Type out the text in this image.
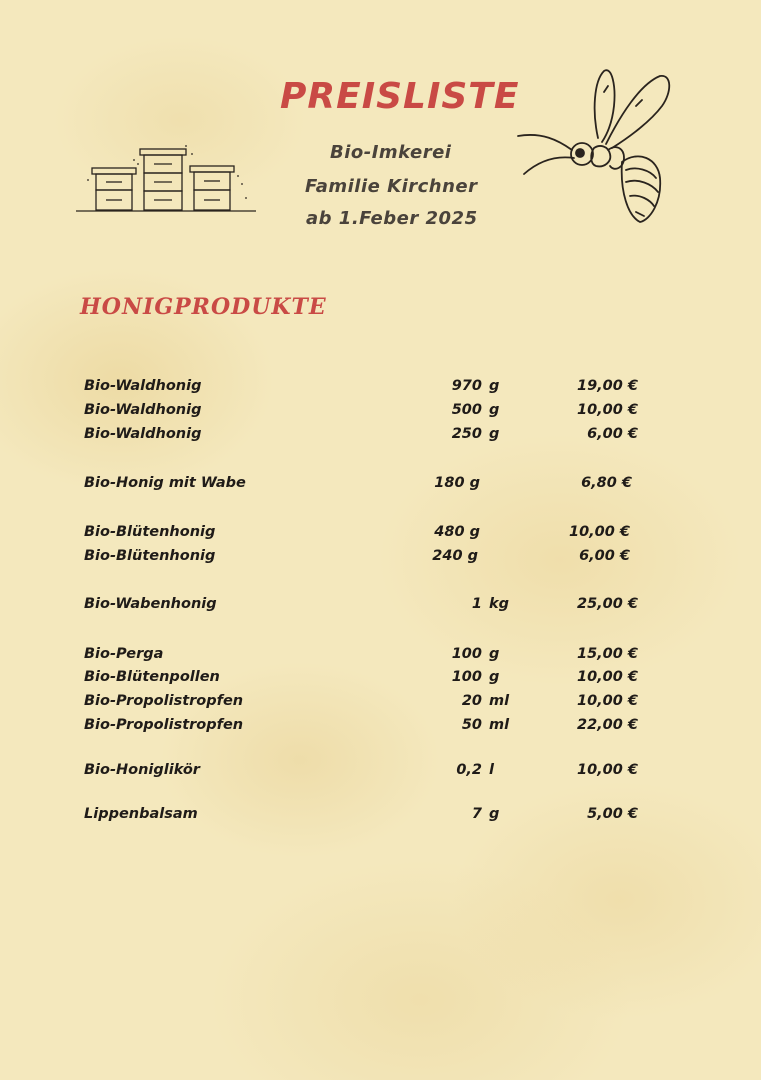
PREISLISTE

Bio-Imkerei

Familie Kirchner

ab 1.Feber 2025

HONIGPRODUKTE
Bio-Waldhonig	970 g	19,00 €
Bio-Waldhonig	500 g	10,00 €
Bio-Waldhonig	250 g	6,00 €
Bio-Honig mit Wabe	180 g	6,80 €
Bio-Blütenhonig	480 g	10,00 €
Bio-Blütenhonig	240 g	6,00 €
Bio-Wabenhonig	1 kg	25,00 €
Bio-Perga	100 g	15,00 €
Bio-Blütenpollen	100 g	10,00 €
Bio-Propolistropfen	20 ml	10,00 €
Bio-Propolistropfen	50 ml	22,00 €
Bio-Honiglikör	0,2 l	10,00 €
Lippenbalsam	7 g	5,00 €
